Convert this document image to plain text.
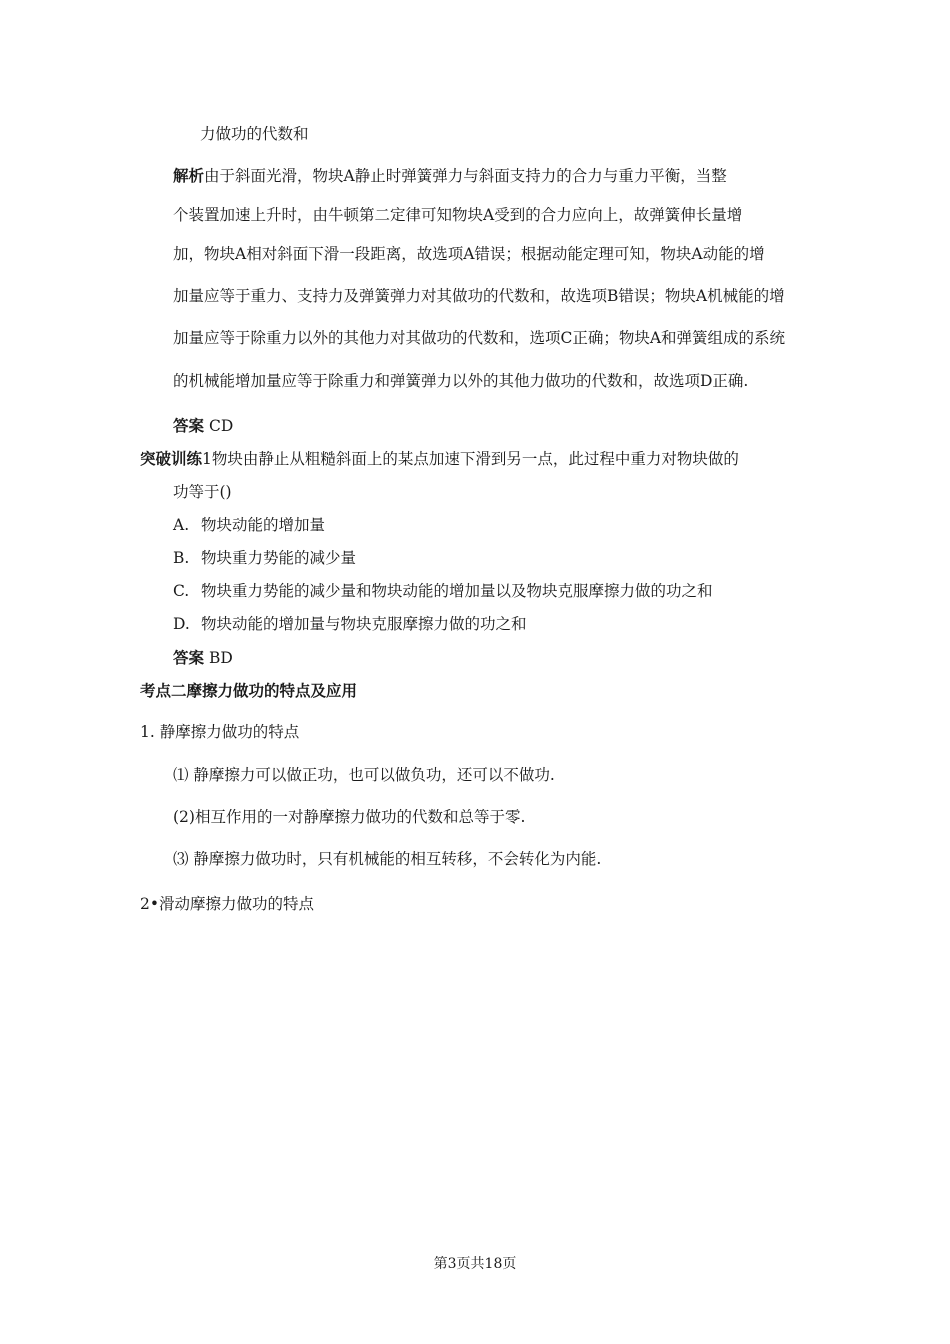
力做功的代数和
解析由于斜面光滑，物块A静止时弹簧弹力与斜面支持力的合力与重力平衡，当整
个装置加速上升时，由牛顿第二定律可知物块A受到的合力应向上，故弹簧伸长量增
加，物块A相对斜面下滑一段距离，故选项A错误；根据动能定理可知，物块A动能的增
加量应等于重力、支持力及弹簧弹力对其做功的代数和，故选项B错误；物块A机械能的增
加量应等于除重力以外的其他力对其做功的代数和，选项C正确；物块A和弹簧组成的系统
的机械能增加量应等于除重力和弹簧弹力以外的其他力做功的代数和，故选项D正确.
答案 CD
突破训练1物块由静止从粗糙斜面上的某点加速下滑到另一点，此过程中重力对物块做的
功等于()
A. 物块动能的增加量
B. 物块重力势能的减少量
C. 物块重力势能的减少量和物块动能的增加量以及物块克服摩擦力做的功之和
D. 物块动能的增加量与物块克服摩擦力做的功之和
答案 BD
考点二摩擦力做功的特点及应用
1. 静摩擦力做功的特点
⑴ 静摩擦力可以做正功，也可以做负功，还可以不做功.
(2)相互作用的一对静摩擦力做功的代数和总等于零.
⑶ 静摩擦力做功时，只有机械能的相互转移，不会转化为内能.
2•滑动摩擦力做功的特点
第3页共18页
